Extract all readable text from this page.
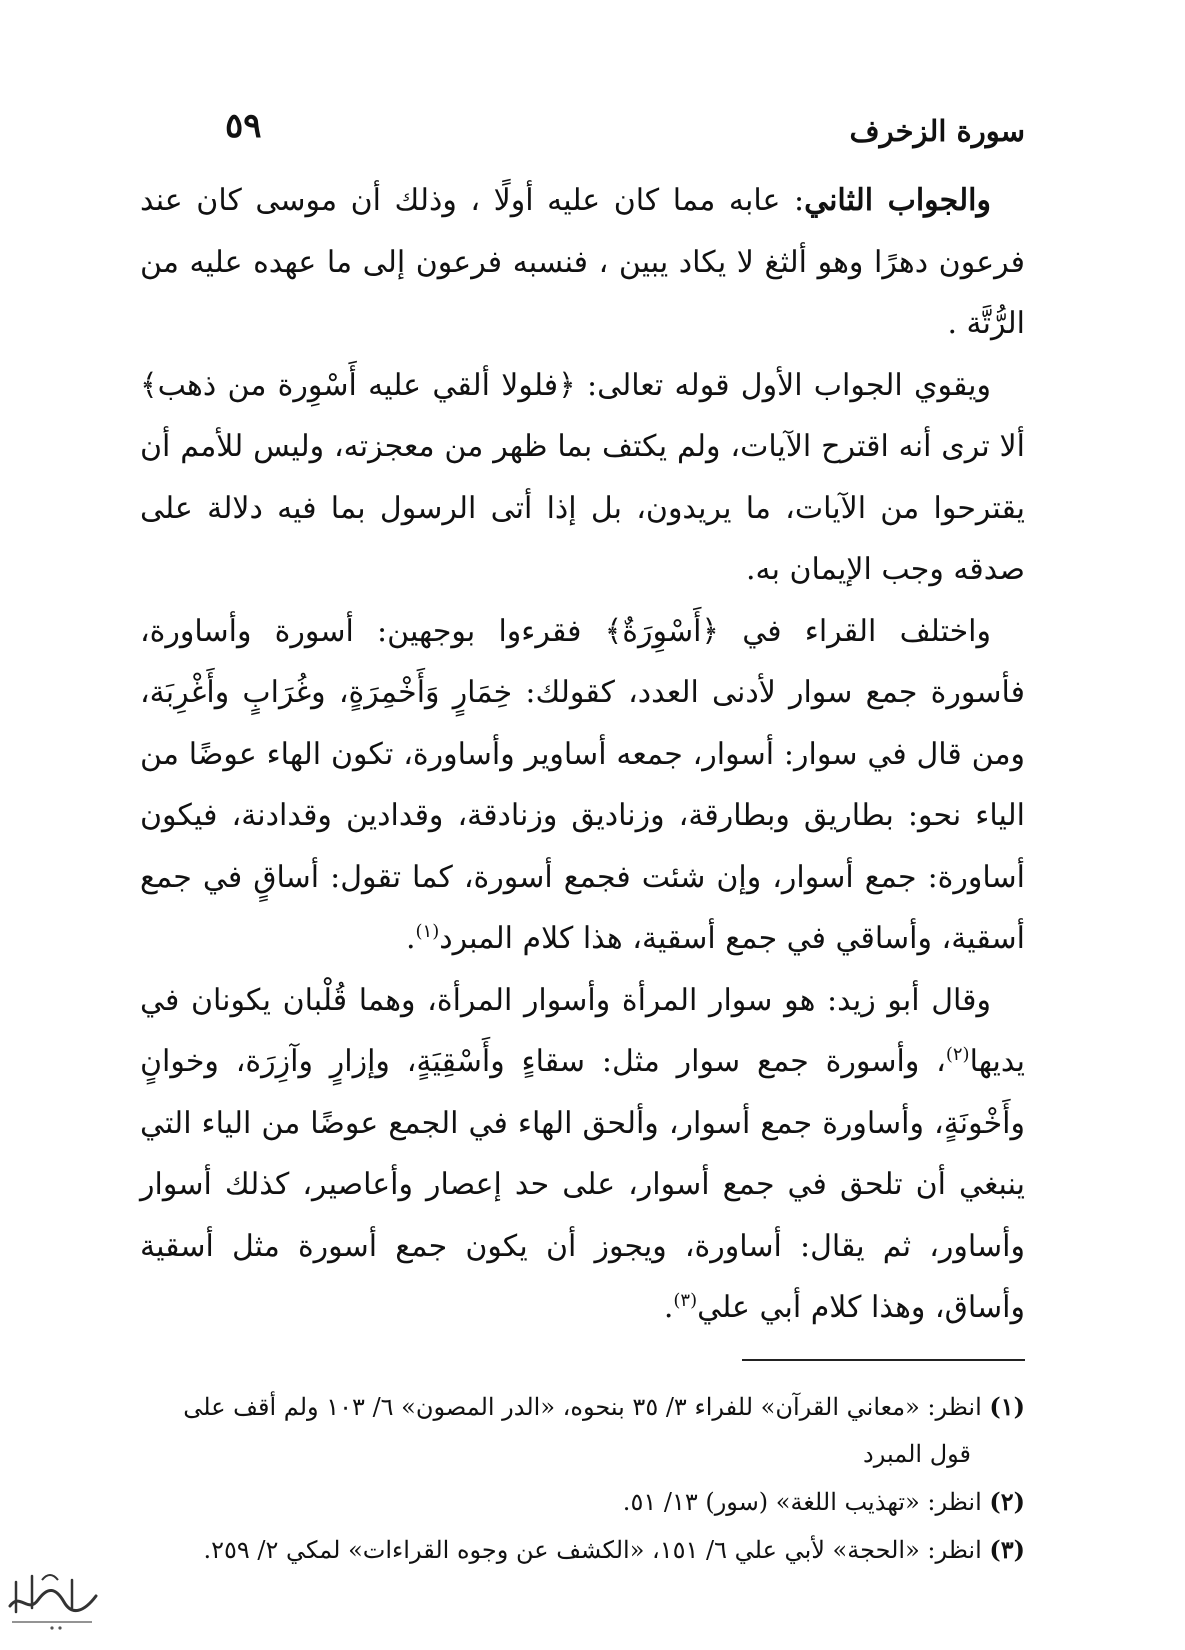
سورة الزخرف
٥٩

والجواب الثاني: عابه مما كان عليه أولًا ، وذلك أن موسى كان عند فرعون دهرًا وهو ألثغ لا يكاد يبين ، فنسبه فرعون إلى ما عهده عليه من الرُّتَّة .

ويقوي الجواب الأول قوله تعالى: ﴿فلولا ألقي عليه أَسْوِرة من ذهب﴾ ألا ترى أنه اقترح الآيات، ولم يكتف بما ظهر من معجزته، وليس للأمم أن يقترحوا من الآيات، ما يريدون، بل إذا أتى الرسول بما فيه دلالة على صدقه وجب الإيمان به.

واختلف القراء في ﴿أَسْوِرَةٌ﴾ فقرءوا بوجهين: أسورة وأساورة، فأسورة جمع سوار لأدنى العدد، كقولك: خِمَارٍ وَأَخْمِرَةٍ، وغُرَابٍ وأَغْرِبَة، ومن قال في سوار: أسوار، جمعه أساوير وأساورة، تكون الهاء عوضًا من الياء نحو: بطاريق وبطارقة، وزناديق وزنادقة، وقدادين وقدادنة، فيكون أساورة: جمع أسوار، وإن شئت فجمع أسورة، كما تقول: أساقٍ في جمع أسقية، وأساقي في جمع أسقية، هذا كلام المبرد$^{(١)}$.

وقال أبو زيد: هو سوار المرأة وأسوار المرأة، وهما قُلْبان يكونان في يديها$^{(٢)}$، وأسورة جمع سوار مثل: سقاءٍ وأَسْقِيَةٍ، وإزارٍ وآزِرَة، وخوانٍ وأَخْونَةٍ، وأساورة جمع أسوار، وألحق الهاء في الجمع عوضًا من الياء التي ينبغي أن تلحق في جمع أسوار، على حد إعصار وأعاصير، كذلك أسوار وأساور، ثم يقال: أساورة، ويجوز أن يكون جمع أسورة مثل أسقية وأساق، وهذا كلام أبي علي$^{(٣)}$.

(١) انظر: «معاني القرآن» للفراء ٣/ ٣٥ بنحوه، «الدر المصون» ٦/ ١٠٣ ولم أقف على

قول المبرد

(٢) انظر: «تهذيب اللغة» (سور) ١٣/ ٥١.

(٣) انظر: «الحجة» لأبي علي ٦/ ١٥١، «الكشف عن وجوه القراءات» لمكي ٢/ ٢٥٩.
